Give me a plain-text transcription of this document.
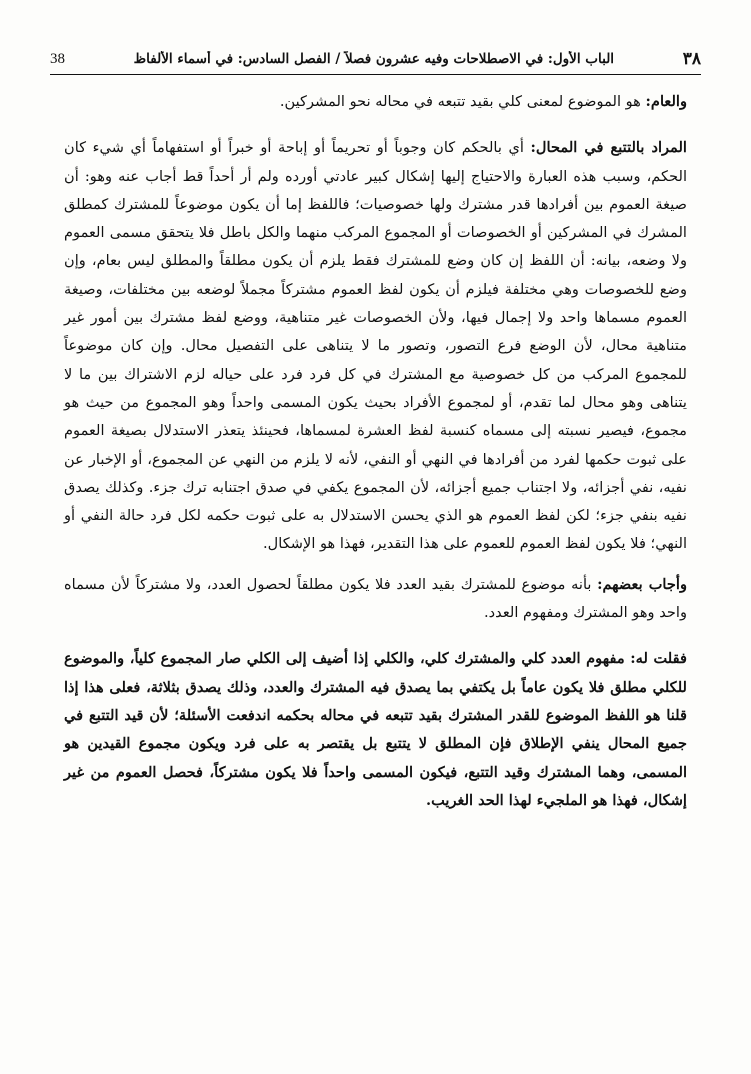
٣٨
الباب الأول: في الاصطلاحات وفيه عشرون فصلاً / الفصل السادس: في أسماء الألفاظ
38

والعام: هو الموضوع لمعنى كلي بقيد تتبعه في محاله نحو المشركين.

المراد بالتتبع في المحال: أي بالحكم كان وجوباً أو تحريماً أو إباحة أو خبراً أو استفهاماً أي شيء كان الحكم، وسبب هذه العبارة والاحتياج إليها إشكال كبير عادتي أورده ولم أر أحداً قط أجاب عنه وهو: أن صيغة العموم بين أفرادها قدر مشترك ولها خصوصيات؛ فاللفظ إما أن يكون موضوعاً للمشترك كمطلق المشرك في المشركين أو الخصوصات أو المجموع المركب منهما والكل باطل فلا يتحقق مسمى العموم ولا وضعه، بيانه: أن اللفظ إن كان وضع للمشترك فقط يلزم أن يكون مطلقاً والمطلق ليس بعام، وإن وضع للخصوصات وهي مختلفة فيلزم أن يكون لفظ العموم مشتركاً مجملاً لوضعه بين مختلفات، وصيغة العموم مسماها واحد ولا إجمال فيها، ولأن الخصوصات غير متناهية، ووضع لفظ مشترك بين أمور غير متناهية محال، لأن الوضع فرع التصور، وتصور ما لا يتناهى على التفصيل محال. وإن كان موضوعاً للمجموع المركب من كل خصوصية مع المشترك في كل فرد فرد على حياله لزم الاشتراك بين ما لا يتناهى وهو محال لما تقدم، أو لمجموع الأفراد بحيث يكون المسمى واحداً وهو المجموع من حيث هو مجموع، فيصير نسبته إلى مسماه كنسبة لفظ العشرة لمسماها، فحينئذ يتعذر الاستدلال بصيغة العموم على ثبوت حكمها لفرد من أفرادها في النهي أو النفي، لأنه لا يلزم من النهي عن المجموع، أو الإخبار عن نفيه، نفي أجزائه، ولا اجتناب جميع أجزائه، لأن المجموع يكفي في صدق اجتنابه ترك جزء. وكذلك يصدق نفيه بنفي جزء؛ لكن لفظ العموم هو الذي يحسن الاستدلال به على ثبوت حكمه لكل فرد حالة النفي أو النهي؛ فلا يكون لفظ العموم للعموم على هذا التقدير، فهذا هو الإشكال.

وأجاب بعضهم: بأنه موضوع للمشترك بقيد العدد فلا يكون مطلقاً لحصول العدد، ولا مشتركاً لأن مسماه واحد وهو المشترك ومفهوم العدد.

فقلت له: مفهوم العدد كلي والمشترك كلي، والكلي إذا أضيف إلى الكلي صار المجموع كلياً، والموضوع للكلي مطلق فلا يكون عاماً بل يكتفي بما يصدق فيه المشترك والعدد، وذلك يصدق بثلاثة، فعلى هذا إذا قلنا هو اللفظ الموضوع للقدر المشترك بقيد تتبعه في محاله بحكمه اندفعت الأسئلة؛ لأن قيد التتبع في جميع المحال ينفي الإطلاق فإن المطلق لا يتتبع بل يقتصر به على فرد ويكون مجموع القيدين هو المسمى، وهما المشترك وقيد التتبع، فيكون المسمى واحداً فلا يكون مشتركاً، فحصل العموم من غير إشكال، فهذا هو الملجيء لهذا الحد الغريب.
